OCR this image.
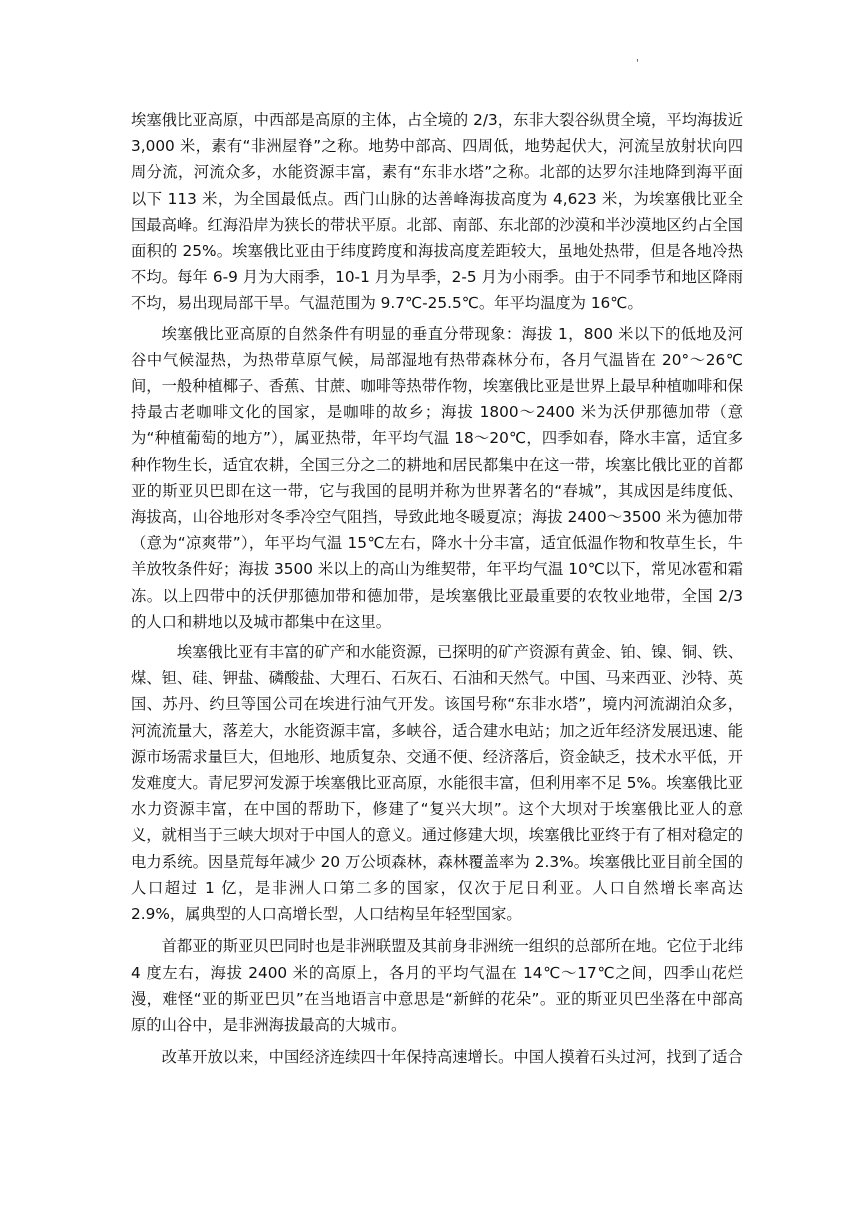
'

埃塞俄比亚高原，中西部是高原的主体，占全境的 2/3，东非大裂谷纵贯全境，平均海拔近 3,000 米，素有“非洲屋脊”之称。地势中部高、四周低，地势起伏大，河流呈放射状向四周分流，河流众多，水能资源丰富，素有“东非水塔”之称。北部的达罗尔洼地降到海平面以下 113 米，为全国最低点。西门山脉的达善峰海拔高度为 4,623 米，为埃塞俄比亚全国最高峰。红海沿岸为狭长的带状平原。北部、南部、东北部的沙漠和半沙漠地区约占全国面积的 25%。埃塞俄比亚由于纬度跨度和海拔高度差距较大，虽地处热带，但是各地冷热不均。每年 6-9 月为大雨季，10-1 月为旱季，2-5 月为小雨季。由于不同季节和地区降雨不均，易出现局部干旱。气温范围为 9.7℃-25.5℃。年平均温度为 16℃。

埃塞俄比亚高原的自然条件有明显的垂直分带现象：海拔 1，800 米以下的低地及河谷中气候湿热，为热带草原气候，局部湿地有热带森林分布，各月气温皆在 20°～26℃间，一般种植椰子、香蕉、甘蔗、咖啡等热带作物，埃塞俄比亚是世界上最早种植咖啡和保持最古老咖啡文化的国家，是咖啡的故乡；海拔 1800～2400 米为沃伊那德加带（意为“种植葡萄的地方”），属亚热带，年平均气温 18～20℃，四季如春，降水丰富，适宜多种作物生长，适宜农耕，全国三分之二的耕地和居民都集中在这一带，埃塞比俄比亚的首都亚的斯亚贝巴即在这一带，它与我国的昆明并称为世界著名的“春城”，其成因是纬度低、海拔高，山谷地形对冬季冷空气阻挡，导致此地冬暖夏凉；海拔 2400～3500 米为德加带（意为“凉爽带”），年平均气温 15℃左右，降水十分丰富，适宜低温作物和牧草生长，牛羊放牧条件好；海拔 3500 米以上的高山为维契带，年平均气温 10℃以下，常见冰雹和霜冻。以上四带中的沃伊那德加带和德加带，是埃塞俄比亚最重要的农牧业地带，全国 2/3 的人口和耕地以及城市都集中在这里。

埃塞俄比亚有丰富的矿产和水能资源，已探明的矿产资源有黄金、铂、镍、铜、铁、煤、钽、硅、钾盐、磷酸盐、大理石、石灰石、石油和天然气。中国、马来西亚、沙特、英国、苏丹、约旦等国公司在埃进行油气开发。该国号称“东非水塔”，境内河流湖泊众多，河流流量大，落差大，水能资源丰富，多峡谷，适合建水电站；加之近年经济发展迅速、能源市场需求量巨大，但地形、地质复杂、交通不便、经济落后，资金缺乏，技术水平低，开发难度大。青尼罗河发源于埃塞俄比亚高原，水能很丰富，但利用率不足 5%。埃塞俄比亚水力资源丰富，在中国的帮助下，修建了“复兴大坝”。这个大坝对于埃塞俄比亚人的意义，就相当于三峡大坝对于中国人的意义。通过修建大坝，埃塞俄比亚终于有了相对稳定的电力系统。因垦荒每年减少 20 万公顷森林，森林覆盖率为 2.3%。埃塞俄比亚目前全国的人口超过 1 亿，是非洲人口第二多的国家，仅次于尼日利亚。人口自然增长率高达 2.9%，属典型的人口高增长型，人口结构呈年轻型国家。

首都亚的斯亚贝巴同时也是非洲联盟及其前身非洲统一组织的总部所在地。它位于北纬 4 度左右，海拔 2400 米的高原上，各月的平均气温在 14℃～17℃之间，四季山花烂漫，难怪“亚的斯亚巴贝”在当地语言中意思是“新鲜的花朵”。亚的斯亚贝巴坐落在中部高原的山谷中，是非洲海拔最高的大城市。

改革开放以来，中国经济连续四十年保持高速增长。中国人摸着石头过河，找到了适合
